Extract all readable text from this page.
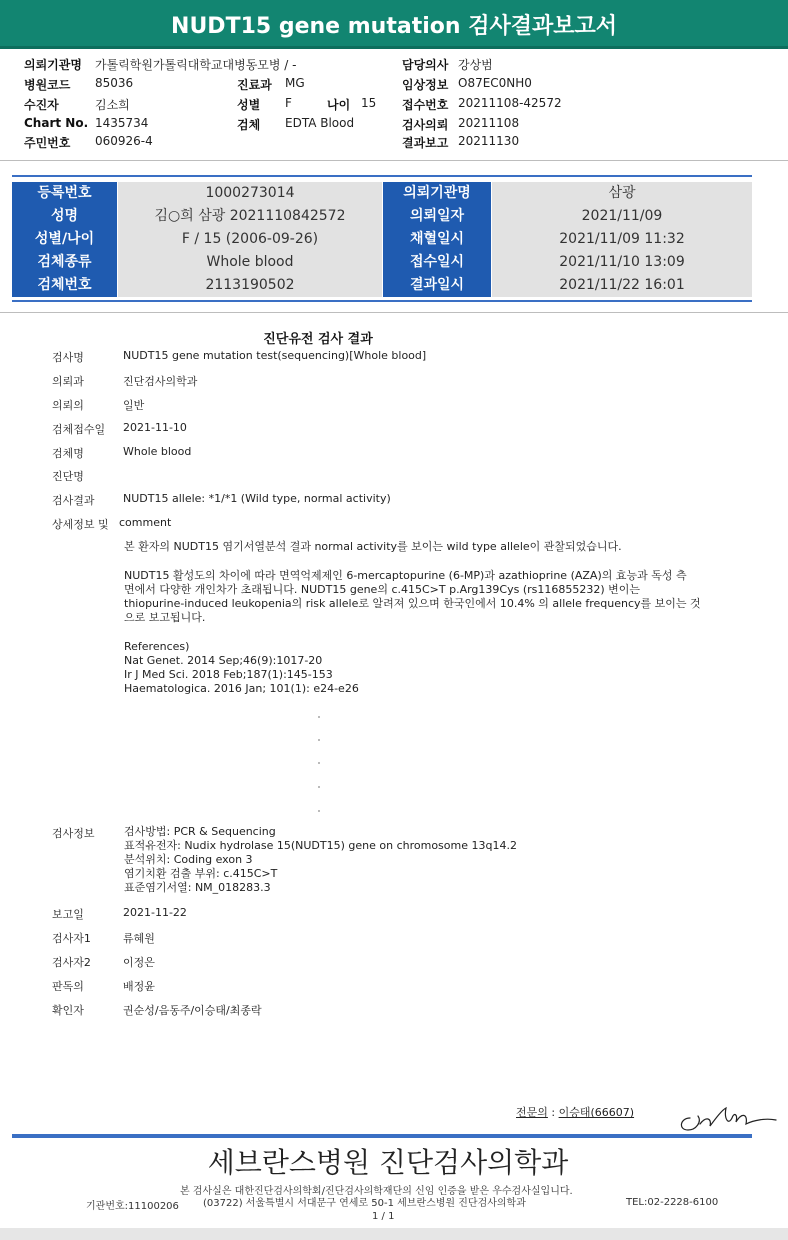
NUDT15 gene mutation 검사결과보고서
의뢰기관명 가톨릭학원가톨릭대학교대병동모병 / -	담당의사 강상범
병원코드 85036	진료과 MG	임상정보 O87EC0NH0
수진자	김소희	성별 F	나이 15 접수번호 20211108-42572
Chart No. 1435734	검체 EDTA Blood	검사의뢰 20211108
주민번호 060926-4	결과보고 20211130
등록번호	1000273014	의뢰기관명	삼광
성명	김○희 삼광 2021110842572	의뢰일자	2021/11/09
성별/나이	F / 15 (2006-09-26)	채혈일시	2021/11/09 11:32
검체종류	Whole blood	접수일시	2021/11/10 13:09
검체번호	2113190502	결과일시	2021/11/22 16:01
진단유전 검사 결과
검사명	NUDT15 gene mutation test(sequencing)[Whole blood]
의뢰과	진단검사의학과
의뢰의	일반
검체접수일 2021-11-10
검체명	Whole blood
진단명
검사결과	NUDT15 allele: *1/*1 (Wild type, normal activity)
상세정보 및 comment
본 환자의 NUDT15 염기서열분석 결과 normal activity를 보이는 wild type allele이 관찰되었습니다.
NUDT15 활성도의 차이에 따라 면역억제제인 6-mercaptopurine (6-MP)과 azathioprine (AZA)의 효능과 독성 측
면에서 다양한 개인차가 초래됩니다. NUDT15 gene의 c.415C>T p.Arg139Cys (rs116855232) 변이는
thiopurine-induced leukopenia의 risk allele로 알려져 있으며 한국인에서 10.4% 의 allele frequency를 보이는 것
으로 보고됩니다.
References)
Nat Genet. 2014 Sep;46(9):1017-20
Ir J Med Sci. 2018 Feb;187(1):145-153
Haematologica. 2016 Jan; 101(1): e24-e26
검사정보	검사방법: PCR & Sequencing
표적유전자: Nudix hydrolase 15(NUDT15) gene on chromosome 13q14.2
분석위치: Coding exon 3
염기치환 검출 부위: c.415C>T
표준염기서열: NM_018283.3
보고일	2021-11-22
검사자1	류혜원
검사자2	이정은
판독의	배정윤
확인자	권순성/음동주/이승태/최종락
전문의 : 이승태(66607)
세브란스병원 진단검사의학과
본 검사실은 대한진단검사의학회/진단검사의학재단의 신임 인증을 받은 우수검사실입니다.
기관번호:11100206 (03722) 서울특별시 서대문구 연세로 50-1 세브란스병원 진단검사의학과	TEL:02-2228-6100
1 / 1
